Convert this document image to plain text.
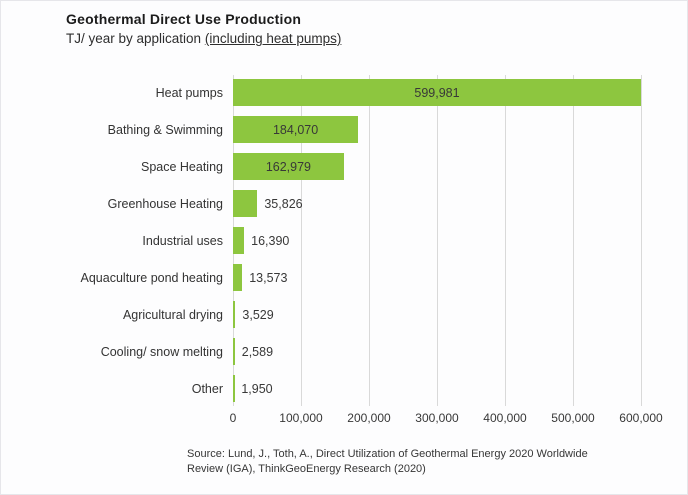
Geothermal Direct Use Production
TJ/ year by application (including heat pumps)
Heat pumps	599,981
Bathing & Swimming	184,070
Space Heating	162,979
Greenhouse Heating	35,826
Industrial uses	16,390
Aquaculture pond heating	13,573
Agricultural drying	3,529
Cooling/ snow melting	2,589
Other	1,950
0	100,000 200,000 300,000 400,000 500,000 600,000
Source: Lund, J., Toth, A., Direct Utilization of Geothermal Energy 2020 Worldwide
Review (IGA), ThinkGeoEnergy Research (2020)
